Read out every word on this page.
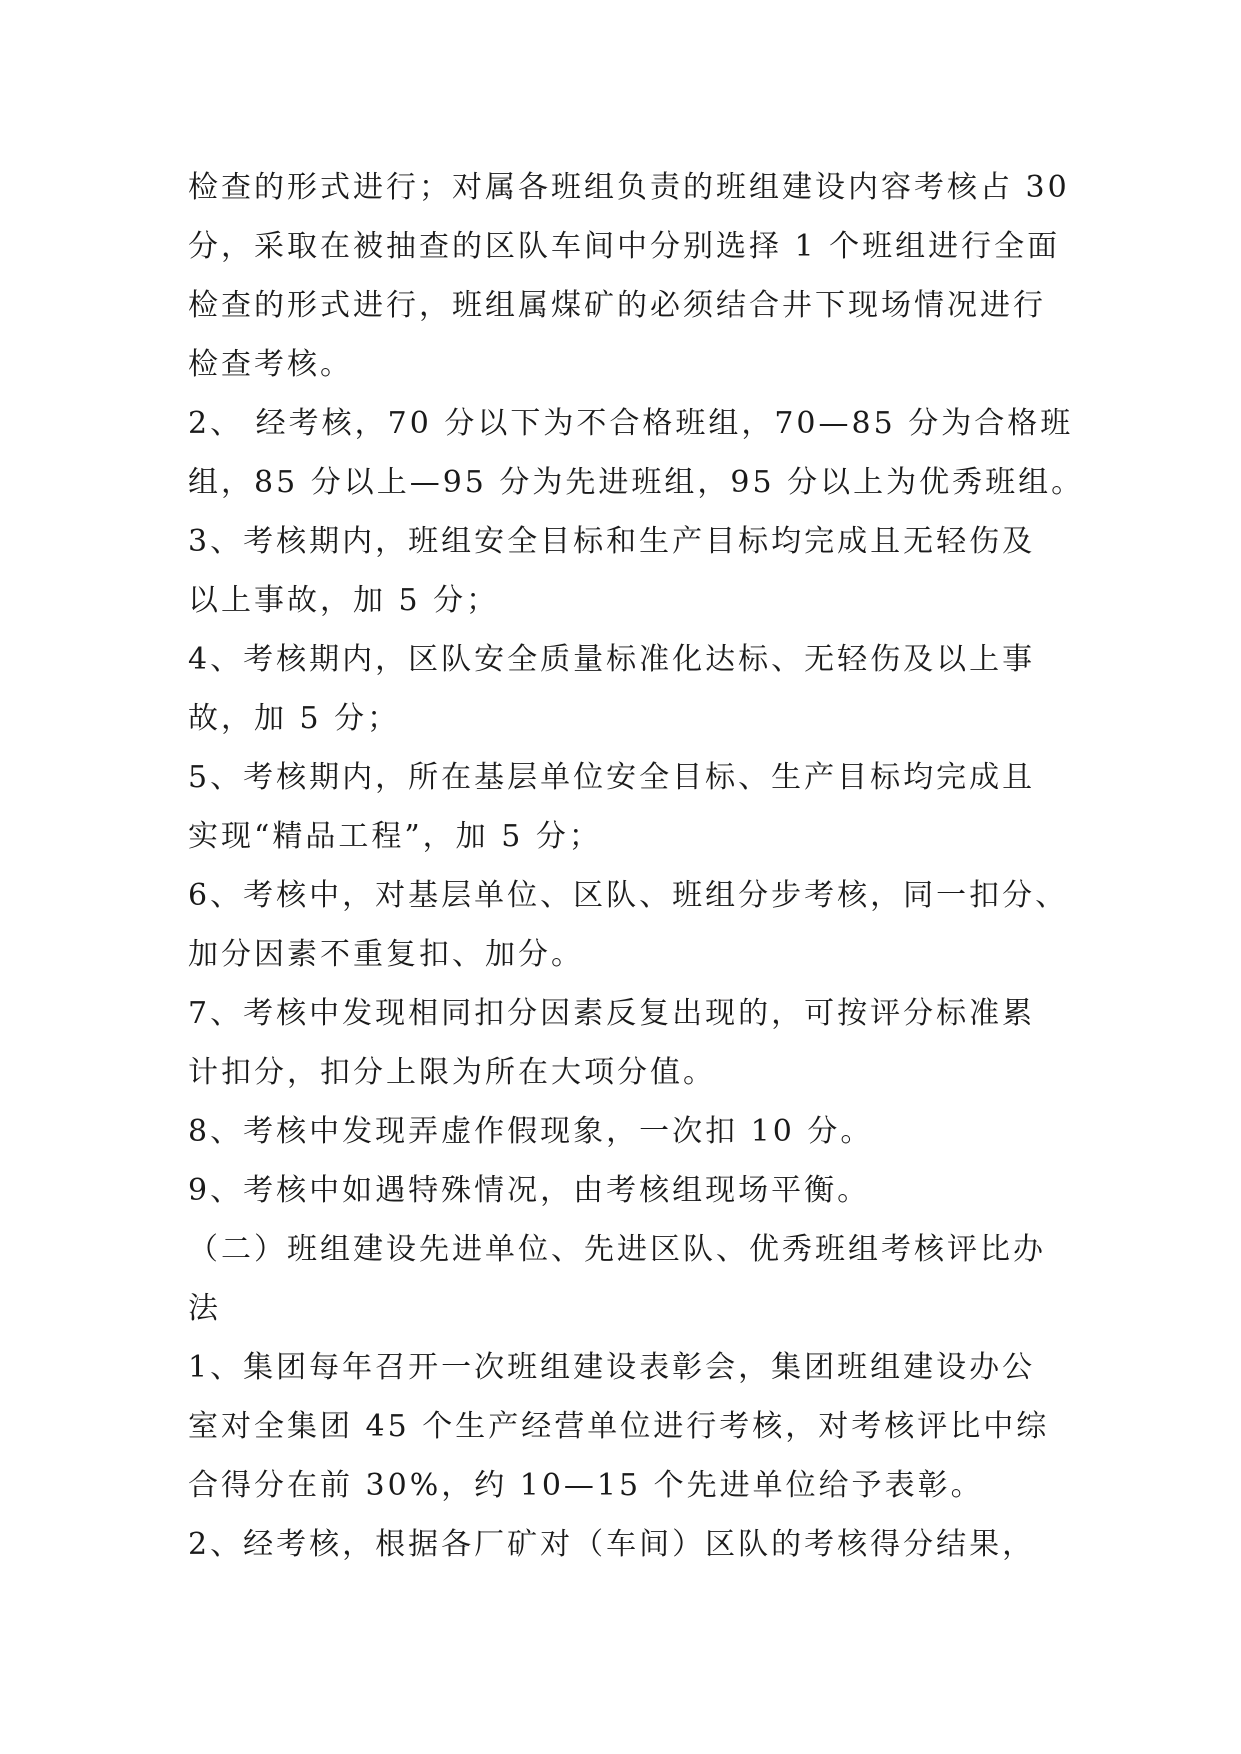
检查的形式进行；对属各班组负责的班组建设内容考核占 30
分，采取在被抽查的区队车间中分别选择 1 个班组进行全面
检查的形式进行，班组属煤矿的必须结合井下现场情况进行
检查考核。
2、 经考核，70 分以下为不合格班组，70—85 分为合格班
组，85 分以上—95 分为先进班组，95 分以上为优秀班组。
3、考核期内，班组安全目标和生产目标均完成且无轻伤及
以上事故，加 5 分；
4、考核期内，区队安全质量标准化达标、无轻伤及以上事
故，加 5 分；
5、考核期内，所在基层单位安全目标、生产目标均完成且
实现“精品工程”，加 5 分；
6、考核中，对基层单位、区队、班组分步考核，同一扣分、
加分因素不重复扣、加分。
7、考核中发现相同扣分因素反复出现的，可按评分标准累
计扣分，扣分上限为所在大项分值。
8、考核中发现弄虚作假现象，一次扣 10 分。
9、考核中如遇特殊情况，由考核组现场平衡。
（二）班组建设先进单位、先进区队、优秀班组考核评比办
法
1、集团每年召开一次班组建设表彰会，集团班组建设办公
室对全集团 45 个生产经营单位进行考核，对考核评比中综
合得分在前 30%，约 10—15 个先进单位给予表彰。
2、经考核，根据各厂矿对（车间）区队的考核得分结果，
